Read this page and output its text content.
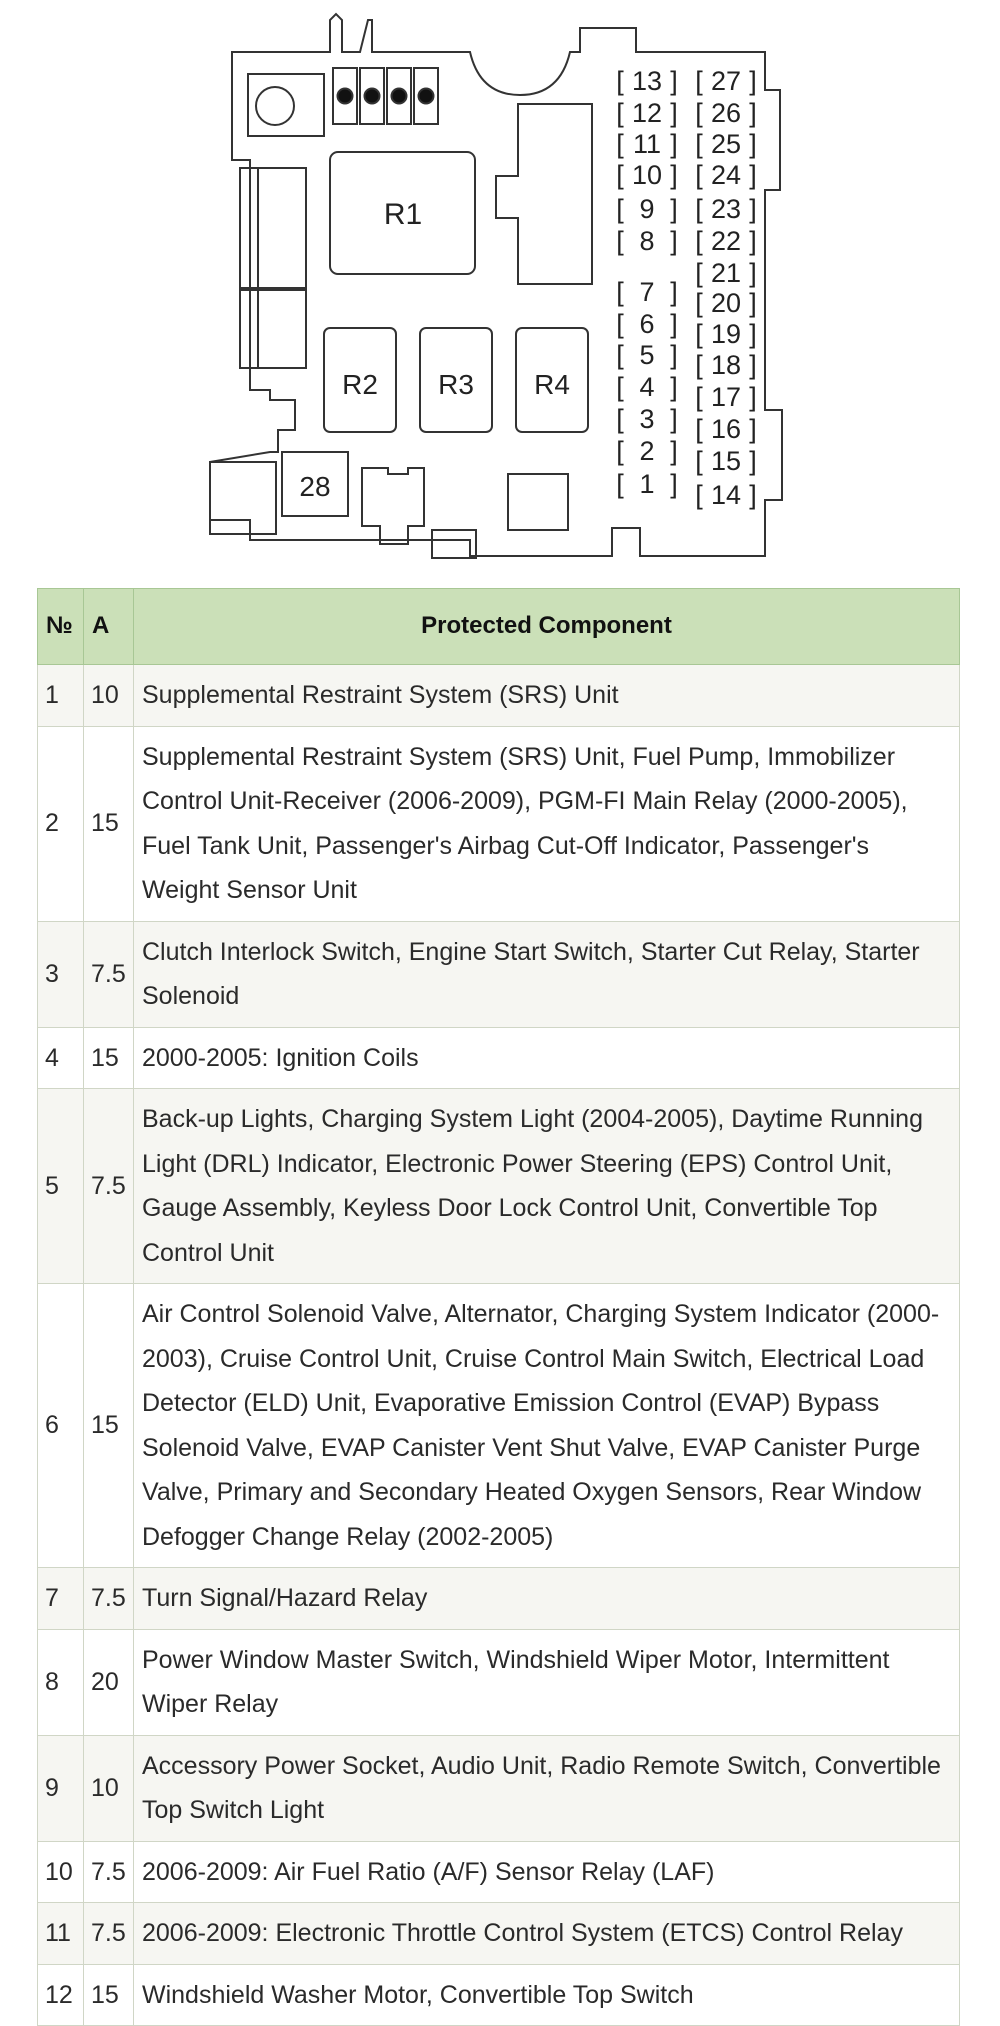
R1
R2 R3 R4
28
13
[ ]
12
[ ]
11
[ ]
10
[ ]
9
[ ]
8
[ ]
7
[ ]
6
[ ]
5
[ ]
4
[ ]
3
[ ]
2
[ ]
1
[ ]
27
[ ]
26
[ ]
25
[ ]
24
[ ]
23
[ ]
22
[ ]
21
[ ]
20
[ ]
19
[ ]
18
[ ]
17
[ ]
16
[ ]
15
[ ]
14
[ ]
№	A	Protected Component
1	10	Supplemental Restraint System (SRS) Unit
2	15	Supplemental Restraint System (SRS) Unit, Fuel Pump, Immobilizer Control Unit-Receiver (2006-2009), PGM-FI Main Relay (2000-2005), Fuel Tank Unit, Passenger's Airbag Cut-Off Indicator, Passenger's Weight Sensor Unit
3	7.5	Clutch Interlock Switch, Engine Start Switch, Starter Cut Relay, Starter Solenoid
4	15	2000-2005: Ignition Coils
5	7.5	Back-up Lights, Charging System Light (2004-2005), Daytime Running Light (DRL) Indicator, Electronic Power Steering (EPS) Control Unit, Gauge Assembly, Keyless Door Lock Control Unit, Convertible Top Control Unit
6	15	Air Control Solenoid Valve, Alternator, Charging System Indicator (2000-2003), Cruise Control Unit, Cruise Control Main Switch, Electrical Load Detector (ELD) Unit, Evaporative Emission Control (EVAP) Bypass Solenoid Valve, EVAP Canister Vent Shut Valve, EVAP Canister Purge Valve, Primary and Secondary Heated Oxygen Sensors, Rear Window Defogger Change Relay (2002-2005)
7	7.5	Turn Signal/Hazard Relay
8	20	Power Window Master Switch, Windshield Wiper Motor, Intermittent Wiper Relay
9	10	Accessory Power Socket, Audio Unit, Radio Remote Switch, Convertible Top Switch Light
10	7.5	2006-2009: Air Fuel Ratio (A/F) Sensor Relay (LAF)
11	7.5	2006-2009: Electronic Throttle Control System (ETCS) Control Relay
12	15	Windshield Washer Motor, Convertible Top Switch
